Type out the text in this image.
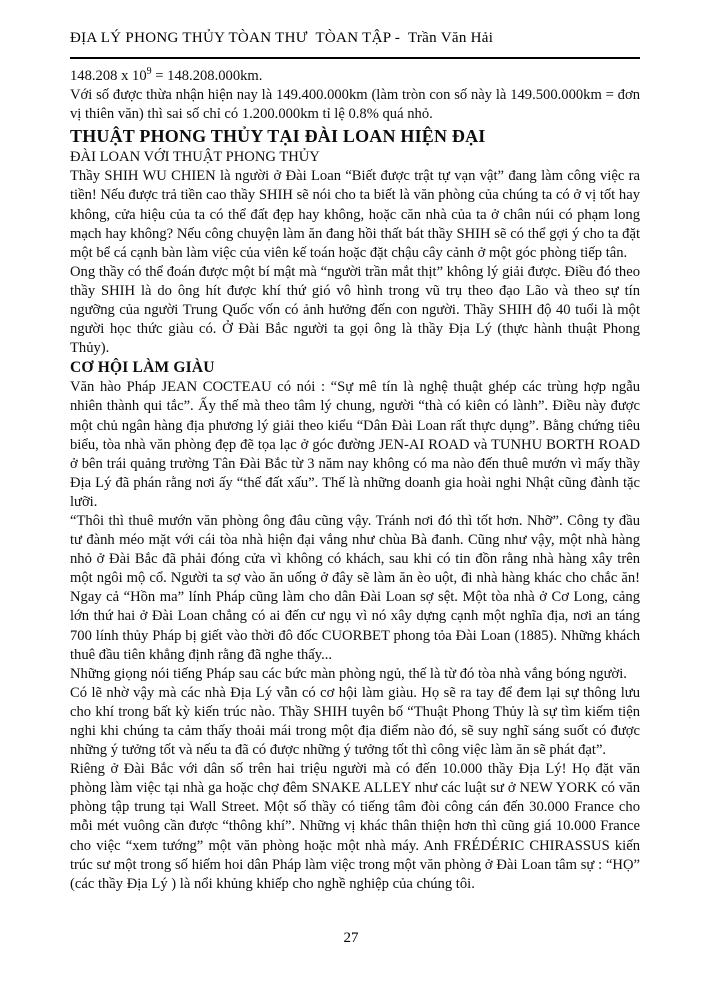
ĐỊA LÝ PHONG THỦY TÒAN THƯ  TÒAN TẬP -  Trần Văn Hải

148.208 x $10^9 = 148.208.000km$.

Với số được thừa nhận hiện nay là 149.400.000km (làm tròn con số này là 149.500.000km = đơn vị thiên văn) thì sai số chỉ có 1.200.000km tỉ lệ 0.8% quá nhỏ.

THUẬT PHONG THỦY TẠI ĐÀI LOAN HIỆN ĐẠI
ĐÀI LOAN VỚI THUẬT PHONG THỦY

Thầy SHIH WU CHIEN là người ở Đài Loan “Biết được trật tự vạn vật” đang làm công việc ra tiền! Nếu được trả tiền cao thầy SHIH sẽ nói cho ta biết là văn phòng của chúng ta có ở vị tốt hay không, cửa hiệu của ta có thể đất đẹp hay không, hoặc căn nhà của ta ở chân núi có phạm long mạch hay không? Nếu công chuyện làm ăn đang hồi thất bát thầy SHIH sẽ có thể gợi ý cho ta đặt một bể cá cạnh bàn làm việc của viên kế toán hoặc đặt chậu cây cảnh ở một góc phòng tiếp tân.

Ong thầy có thể đoán được một bí mật mà “người trần mắt thịt” không lý giải được. Điều đó theo thầy SHIH là do ông hít được khí thứ gió vô hình trong vũ trụ theo đạo Lão và theo sự tín ngưỡng của người Trung Quốc vốn có ảnh hưởng đến con người. Thầy SHIH độ 40 tuổi là một người học thức giàu có. Ở Đài Bắc người ta gọi ông là thầy Địa Lý (thực hành thuật Phong Thủy).

CƠ HỘI LÀM GIÀU

Văn hào Pháp JEAN COCTEAU có nói : “Sự mê tín là nghệ thuật ghép các trùng hợp ngẫu nhiên thành qui tắc”. Ấy thế mà theo tâm lý chung, người “thà có kiên có lành”. Điều này được một chủ ngân hàng địa phương lý giải theo kiểu “Dân Đài Loan rất thực dụng”. Bằng chứng tiêu biểu, tòa nhà văn phòng đẹp đẽ tọa lạc ở góc đường JEN-AI ROAD và TUNHU BORTH ROAD ở bên trái quảng trường Tân Đài Bắc từ 3 năm nay không có ma nào đến thuê mướn vì mấy thầy Địa Lý đã phán rằng nơi ấy “thế đất xấu”. Thế là những doanh gia hoài nghi Nhật cũng đành tặc lưỡi.

“Thôi thì thuê mướn văn phòng ông đâu cũng vậy. Tránh nơi đó thì tốt hơn. Nhỡ”. Công ty đầu tư đành méo mặt với cái tòa nhà hiện đại vắng như chùa Bà đanh. Cũng như vậy, một nhà hàng nhỏ ở Đài Bắc đã phải đóng cửa vì không có khách, sau khi có tin đồn rằng nhà hàng xây trên một ngôi mộ cổ. Người ta sợ vào ăn uống ở đây sẽ làm ăn èo uột, đi nhà hàng khác cho chắc ăn! Ngay cả “Hồn ma” lính Pháp cũng làm cho dân Đài Loan sợ sệt. Một tòa nhà ở Cơ Long, cảng lớn thứ hai ở Đài Loan chẳng có ai đến cư ngụ vì nó xây dựng cạnh một nghĩa địa, nơi an táng 700 lính thủy Pháp bị giết vào thời đô đốc CUORBET phong tỏa Đài Loan (1885). Những khách thuê đầu tiên khẳng định rằng đã nghe thấy...

Những giọng nói tiếng Pháp sau các bức màn phòng ngủ, thế là từ đó tòa nhà vắng bóng người.

Có lẽ nhờ vậy mà các nhà Địa Lý vẫn có cơ hội làm giàu. Họ sẽ ra tay để đem lại sự thông lưu cho khí trong bất kỳ kiến trúc nào. Thầy SHIH tuyên bố “Thuật Phong Thủy là sự tìm kiếm tiện nghi khi chúng ta cảm thấy thoải mái trong một địa điểm nào đó, sẽ suy nghĩ sáng suốt có được những ý tưởng tốt và nếu ta đã có được những ý tưởng tốt thì công việc làm ăn sẽ phát đạt”.

Riêng ở Đài Bắc với dân số trên hai triệu người mà có đến 10.000 thầy Địa Lý! Họ đặt văn phòng làm việc tại nhà ga hoặc chợ đêm SNAKE ALLEY như các luật sư ở NEW YORK có văn phòng tập trung tại Wall Street. Một số thầy có tiếng tâm đòi công cán đến 30.000 France cho mỗi mét vuông cần được “thông khí”. Những vị khác thân thiện hơn thì cũng giá 10.000 France cho việc “xem tướng” một văn phòng hoặc một nhà máy. Anh FRÉDÉRIC CHIRASSUS kiến trúc sư một trong số hiếm hoi dân Pháp làm việc trong một văn phòng ở Đài Loan tâm sự : “HỌ” (các thầy Địa Lý ) là nổi khủng khiếp cho nghề nghiệp của chúng tôi.

27
